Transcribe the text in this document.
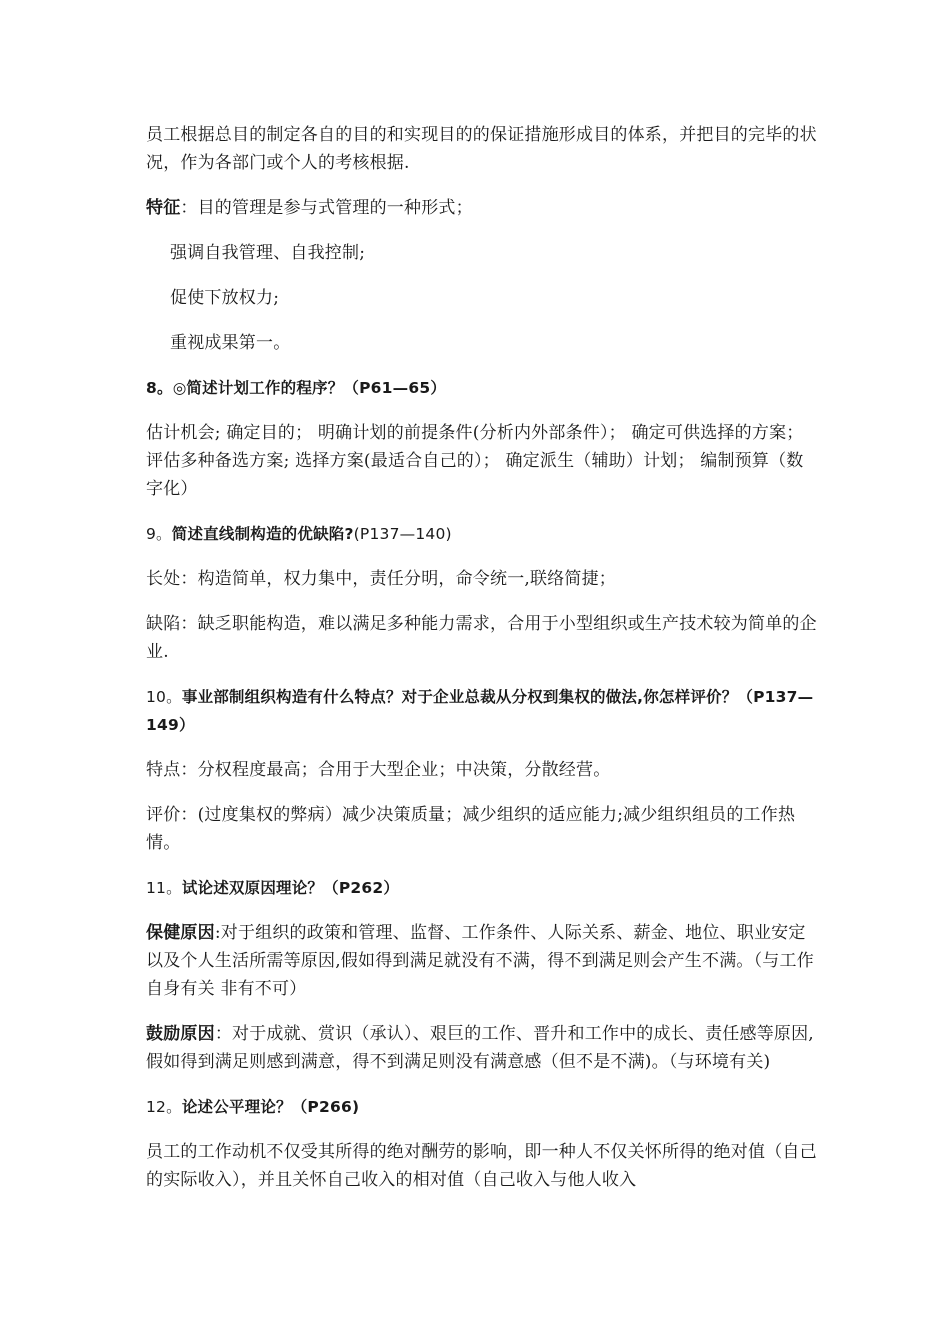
员工根据总目的制定各自的目的和实现目的的保证措施形成目的体系，并把目的完毕的状况，作为各部门或个人的考核根据.

特征：目的管理是参与式管理的一种形式；

强调自我管理、自我控制;

促使下放权力;

重视成果第一。

8。◎简述计划工作的程序？（P61—65）

估计机会; 确定目的； 明确计划的前提条件(分析内外部条件）； 确定可供选择的方案； 评估多种备选方案; 选择方案(最适合自己的）； 确定派生（辅助）计划； 编制预算（数字化）

9。简述直线制构造的优缺陷?(P137—140)

长处：构造简单，权力集中，责任分明，命令统一,联络简捷；

缺陷：缺乏职能构造，难以满足多种能力需求，合用于小型组织或生产技术较为简单的企业.

10。事业部制组织构造有什么特点？对于企业总裁从分权到集权的做法,你怎样评价？（P137—149）

特点：分权程度最高；合用于大型企业；中决策，分散经营。

评价：(过度集权的弊病）减少决策质量；减少组织的适应能力;减少组织组员的工作热情。

11。试论述双原因理论？（P262）

保健原因:对于组织的政策和管理、监督、工作条件、人际关系、薪金、地位、职业安定以及个人生活所需等原因,假如得到满足就没有不满，得不到满足则会产生不满。（与工作自身有关 非有不可）

鼓励原因：对于成就、赏识（承认）、艰巨的工作、晋升和工作中的成长、责任感等原因,假如得到满足则感到满意，得不到满足则没有满意感（但不是不满)。（与环境有关)

12。论述公平理论？（P266)

员工的工作动机不仅受其所得的绝对酬劳的影响，即一种人不仅关怀所得的绝对值（自己的实际收入），并且关怀自己收入的相对值（自己收入与他人收入
